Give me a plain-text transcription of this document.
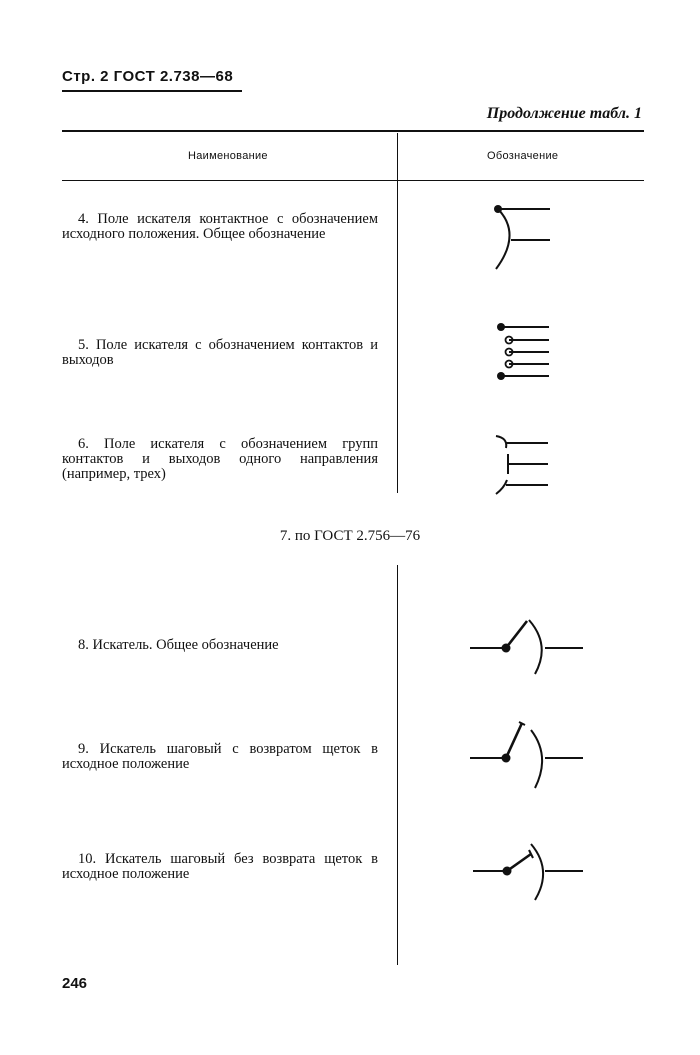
Стр. 2 ГОСТ 2.738—68
Продолжение табл. 1
Наименование	Обозначение
4. Поле искателя контактное с обозначением исходного положения. Общее обозначение
5. Поле искателя с обозначением контактов и выходов
6. Поле искателя с обозначением групп контактов и выходов одного направления (например, трех)
7. по ГОСТ 2.756—76
8. Искатель. Общее обозначение
9. Искатель шаговый с возвратом щеток в исходное положение
10. Искатель шаговый без возврата щеток в исходное положение
246
